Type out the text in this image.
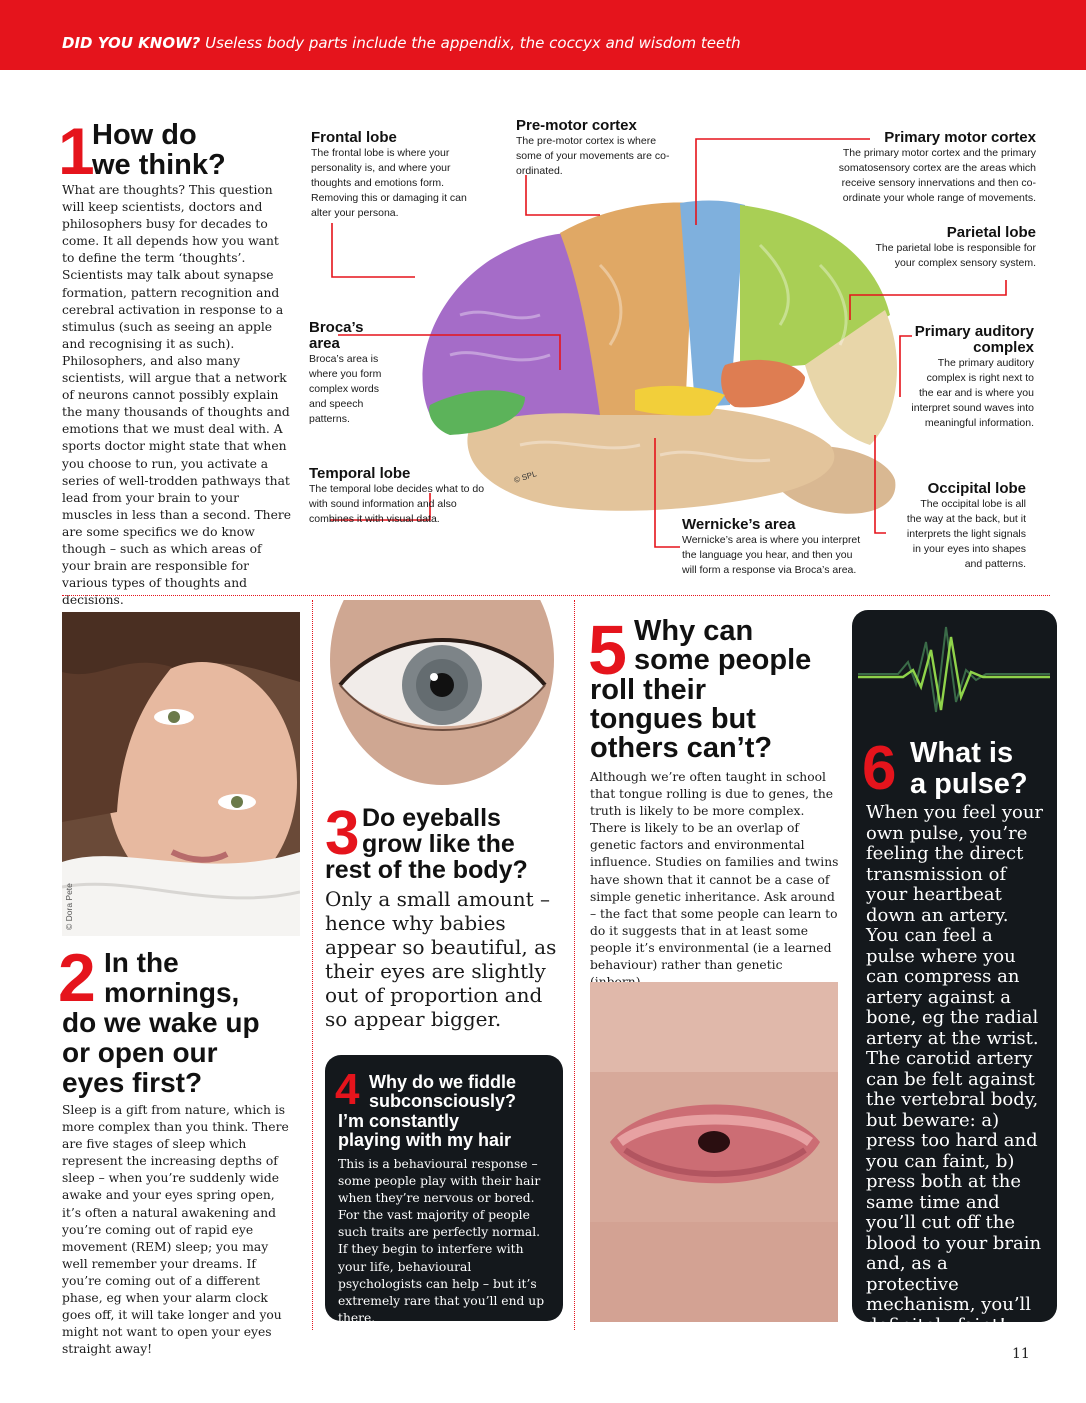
DID YOU KNOW? Useless body parts include the appendix, the coccyx and wisdom teeth
1
How do
we think?
What are thoughts? This question will keep scientists, doctors and philosophers busy for decades to come. It all depends how you want to define the term ‘thoughts’. Scientists may talk about synapse formation, pattern recognition and cerebral activation in response to a stimulus (such as seeing an apple and recognising it as such). Philosophers, and also many scientists, will argue that a network of neurons cannot possibly explain the many thousands of thoughts and emotions that we must deal with. A sports doctor might state that when you choose to run, you activate a series of well-trodden pathways that lead from your brain to your muscles in less than a second. There are some specifics we do know though – such as which areas of your brain are responsible for various types of thoughts and decisions.
© SPL
Frontal lobe
The frontal lobe is where your personality is, and where your thoughts and emotions form. Removing this or damaging it can alter your persona.
Pre-motor cortex
The pre-motor cortex is where some of your movements are co-ordinated.
Primary motor cortex
The primary motor cortex and the primary somatosensory cortex are the areas which receive sensory innervations and then co-ordinate your whole range of movements.
Parietal lobe
The parietal lobe is responsible for your complex sensory system.
Broca’s
area
Broca’s area is where you form complex words and speech patterns.
Primary auditory
complex
The primary auditory complex is right next to the ear and is where you interpret sound waves into meaningful information.
Temporal lobe
The temporal lobe decides what to do with sound information and also combines it with visual data.	Wernicke’s area
Wernicke’s area is where you interpret the language you hear, and then you will form a response via Broca’s area.
Occipital lobe
The occipital lobe is all the way at the back, but it interprets the light signals in your eyes into shapes and patterns.
© Dora Pete
2 In the
mornings,
do we wake up
or open our
eyes first?
Sleep is a gift from nature, which is more complex than you think. There are five stages of sleep which represent the increasing depths of sleep – when you’re suddenly wide awake and your eyes spring open, it’s often a natural awakening and you’re coming out of rapid eye movement (REM) sleep; you may well remember your dreams. If you’re coming out of a different phase, eg when your alarm clock goes off, it will take longer and you might not want to open your eyes straight away!
3 Do eyeballs
grow like the
rest of the body?
Only a small amount – hence why babies appear so beautiful, as their eyes are slightly out of proportion and so appear bigger.
4 Why do we fiddle
subconsciously?
I’m constantly
playing with my hair
This is a behavioural response – some people play with their hair when they’re nervous or bored. For the vast majority of people such traits are perfectly normal. If they begin to interfere with your life, behavioural psychologists can help – but it’s extremely rare that you’ll end up there.
5 Why can
some people
roll their
tongues but
others can’t?
Although we’re often taught in school that tongue rolling is due to genes, the truth is likely to be more complex. There is likely to be an overlap of genetic factors and environmental influence. Studies on families and twins have shown that it cannot be a case of simple genetic inheritance. Ask around – the fact that some people can learn to do it suggests that in at least some people it’s environmental (ie a learned behaviour) rather than genetic
6 What is
a pulse?
When you feel your own pulse, you’re feeling the direct transmission of your heartbeat down an artery. You can feel a pulse where you can compress an artery against a bone, eg the radial artery at the wrist. The carotid artery can be felt against the vertebral body, but beware: a) press too hard and you can faint, b) press both at the same time and you’ll cut off the blood to your brain and, as a protective mechanism, you’ll definitely faint!
11
